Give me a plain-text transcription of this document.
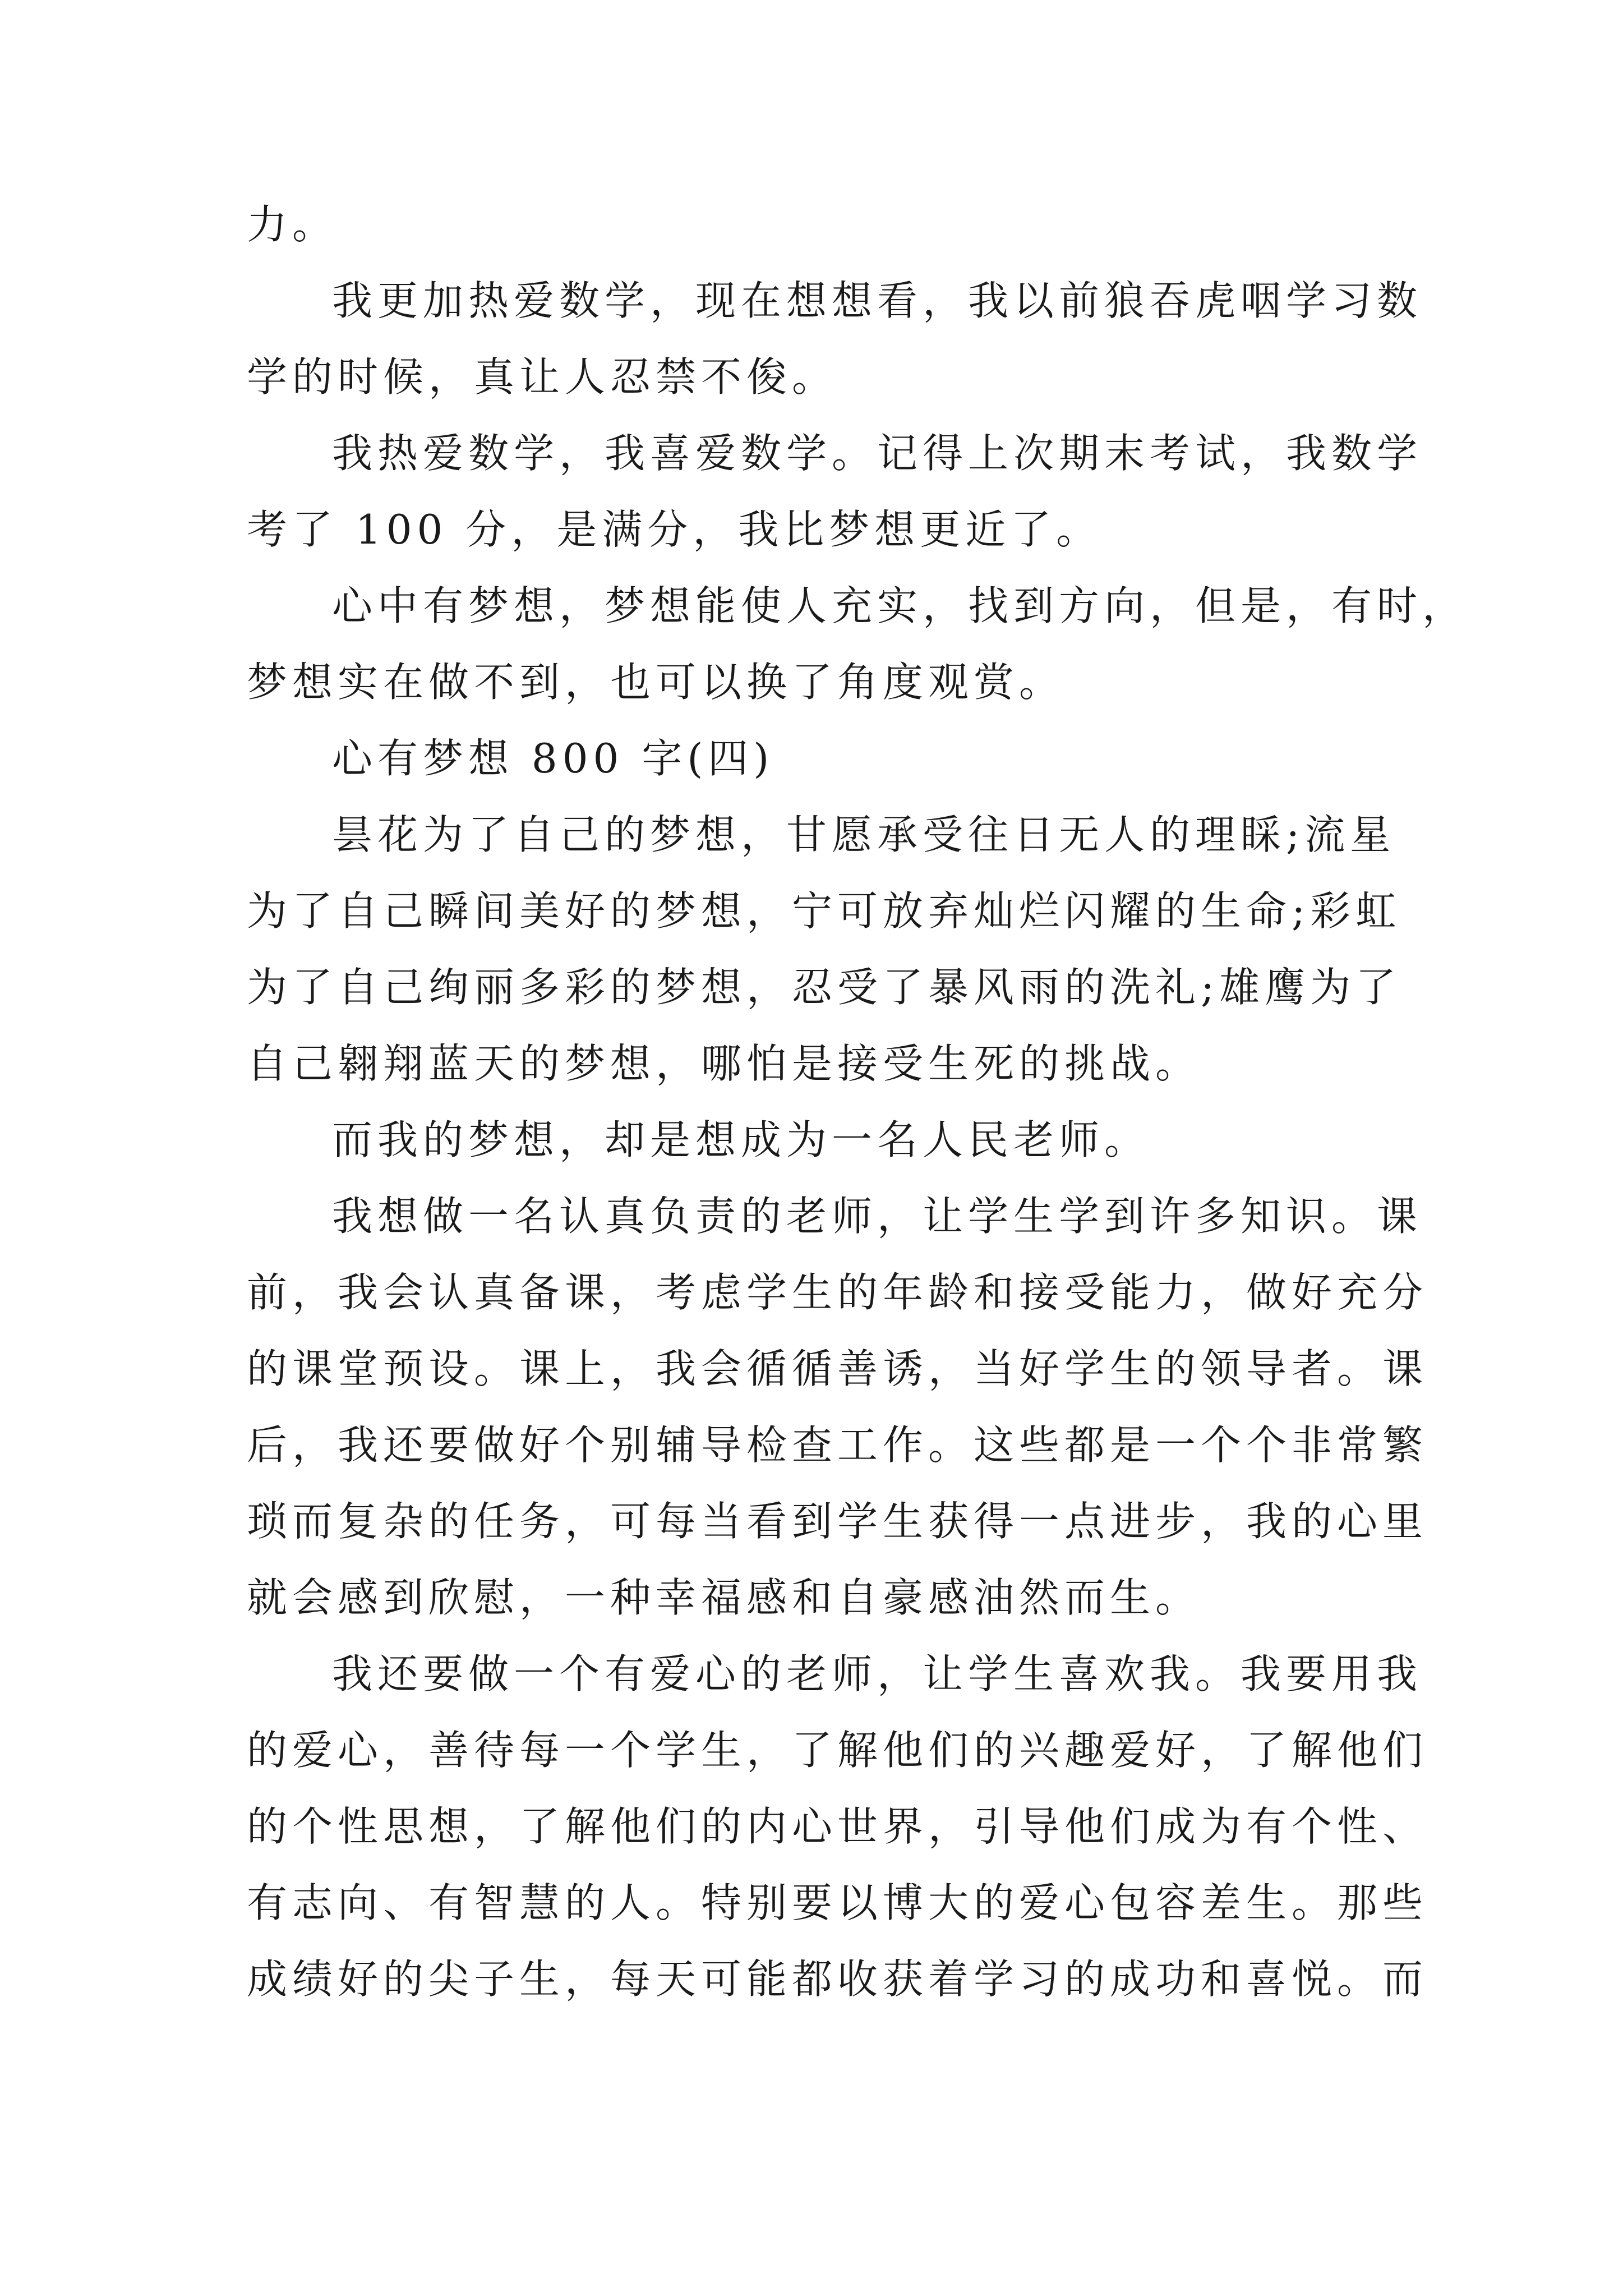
力。
我更加热爱数学，现在想想看，我以前狼吞虎咽学习数
学的时候，真让人忍禁不俊。
我热爱数学，我喜爱数学。记得上次期末考试，我数学
考了 100 分，是满分，我比梦想更近了。
心中有梦想，梦想能使人充实，找到方向，但是，有时，
梦想实在做不到，也可以换了角度观赏。
心有梦想 800 字(四)
昙花为了自己的梦想，甘愿承受往日无人的理睬;流星
为了自己瞬间美好的梦想，宁可放弃灿烂闪耀的生命;彩虹
为了自己绚丽多彩的梦想，忍受了暴风雨的洗礼;雄鹰为了
自己翱翔蓝天的梦想，哪怕是接受生死的挑战。
而我的梦想，却是想成为一名人民老师。
我想做一名认真负责的老师，让学生学到许多知识。课
前，我会认真备课，考虑学生的年龄和接受能力，做好充分
的课堂预设。课上，我会循循善诱，当好学生的领导者。课
后，我还要做好个别辅导检查工作。这些都是一个个非常繁
琐而复杂的任务，可每当看到学生获得一点进步，我的心里
就会感到欣慰，一种幸福感和自豪感油然而生。
我还要做一个有爱心的老师，让学生喜欢我。我要用我
的爱心，善待每一个学生，了解他们的兴趣爱好，了解他们
的个性思想，了解他们的内心世界，引导他们成为有个性、
有志向、有智慧的人。特别要以博大的爱心包容差生。那些
成绩好的尖子生，每天可能都收获着学习的成功和喜悦。而
